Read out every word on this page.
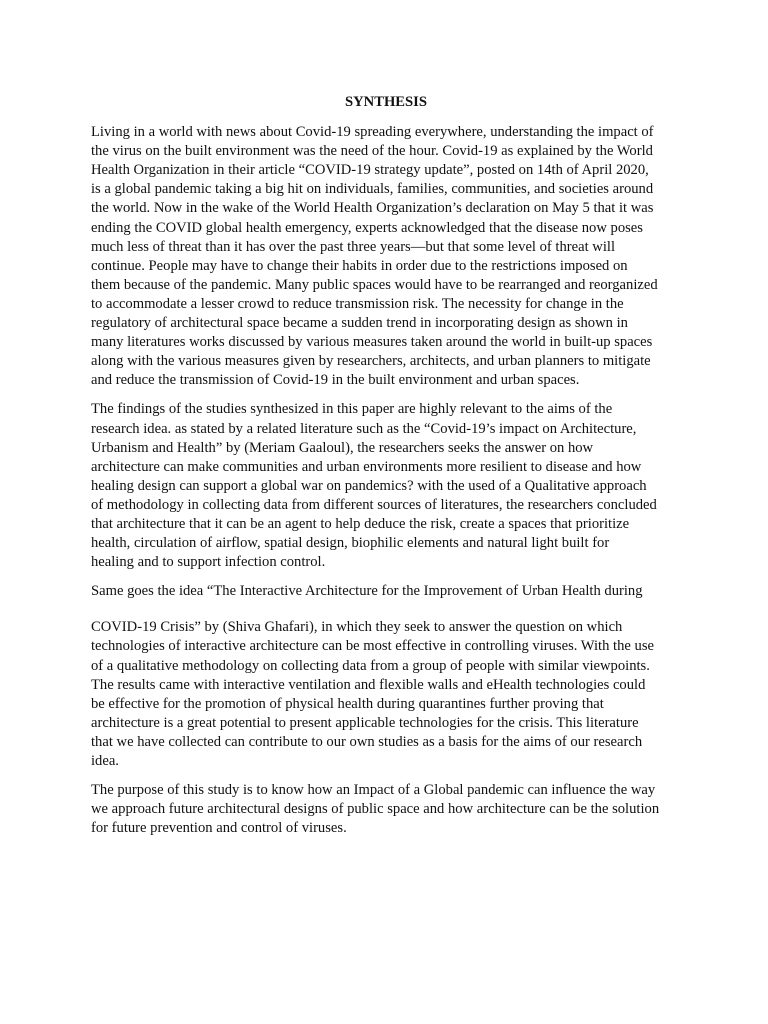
SYNTHESIS
Living in a world with news about Covid-19 spreading everywhere, understanding the impact of
the virus on the built environment was the need of the hour. Covid-19 as explained by the World
Health Organization in their article “COVID-19 strategy update”, posted on 14th of April 2020,
is a global pandemic taking a big hit on individuals, families, communities, and societies around
the world. Now in the wake of the World Health Organization’s declaration on May 5 that it was
ending the COVID global health emergency, experts acknowledged that the disease now poses
much less of threat than it has over the past three years—but that some level of threat will
continue. People may have to change their habits in order due to the restrictions imposed on
them because of the pandemic. Many public spaces would have to be rearranged and reorganized
to accommodate a lesser crowd to reduce transmission risk. The necessity for change in the
regulatory of architectural space became a sudden trend in incorporating design as shown in
many literatures works discussed by various measures taken around the world in built-up spaces
along with the various measures given by researchers, architects, and urban planners to mitigate
and reduce the transmission of Covid-19 in the built environment and urban spaces.
The findings of the studies synthesized in this paper are highly relevant to the aims of the
research idea. as stated by a related literature such as the “Covid-19’s impact on Architecture,
Urbanism and Health” by (Meriam Gaaloul), the researchers seeks the answer on how
architecture can make communities and urban environments more resilient to disease and how
healing design can support a global war on pandemics? with the used of a Qualitative approach
of methodology in collecting data from different sources of literatures, the researchers concluded
that architecture that it can be an agent to help deduce the risk, create a spaces that prioritize
health, circulation of airflow, spatial design, biophilic elements and natural light built for
healing and to support infection control.
Same goes the idea “The Interactive Architecture for the Improvement of Urban Health during
COVID-19 Crisis” by (Shiva Ghafari), in which they seek to answer the question on which
technologies of interactive architecture can be most effective in controlling viruses. With the use
of a qualitative methodology on collecting data from a group of people with similar viewpoints.
The results came with interactive ventilation and flexible walls and eHealth technologies could
be effective for the promotion of physical health during quarantines further proving that
architecture is a great potential to present applicable technologies for the crisis. This literature
that we have collected can contribute to our own studies as a basis for the aims of our research
idea.
The purpose of this study is to know how an Impact of a Global pandemic can influence the way
we approach future architectural designs of public space and how architecture can be the solution
for future prevention and control of viruses.
